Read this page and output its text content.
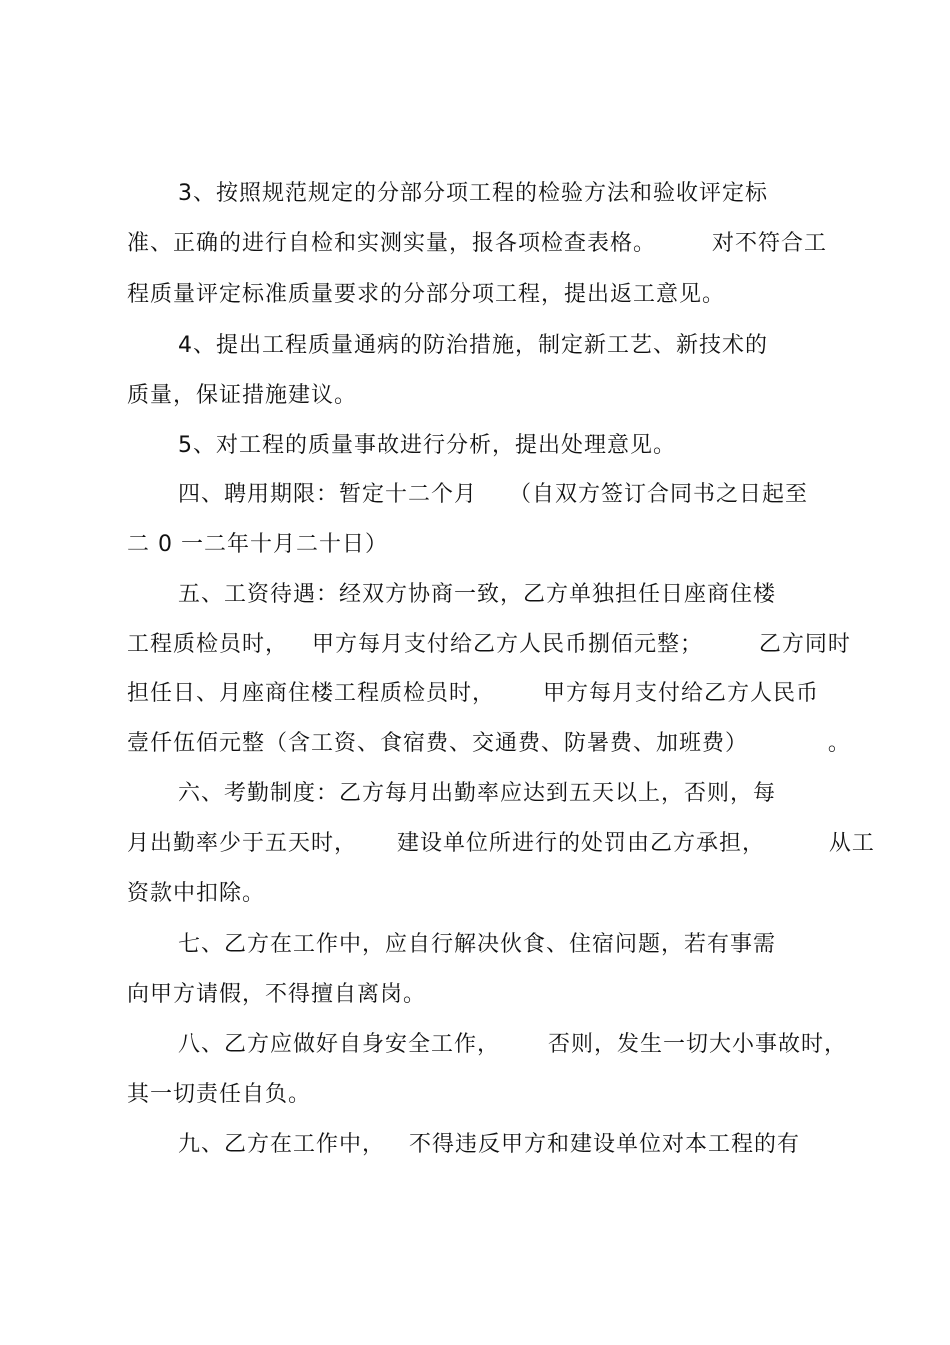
3、按照规范规定的分部分项工程的检验方法和验收评定标
准、正确的进行自检和实测实量，报各项检查表格。       对不符合工
程质量评定标准质量要求的分部分项工程，提出返工意见。
4、提出工程质量通病的防治措施，制定新工艺、新技术的
质量，保证措施建议。
5、对工程的质量事故进行分析，提出处理意见。
四、聘用期限：暂定十二个月    （自双方签订合同书之日起至
二 0 一二年十月二十日）
五、工资待遇：经双方协商一致，乙方单独担任日座商住楼
工程质检员时，   甲方每月支付给乙方人民币捌佰元整；       乙方同时
担任日、月座商住楼工程质检员时，      甲方每月支付给乙方人民币
壹仟伍佰元整（含工资、食宿费、交通费、防暑费、加班费）          。
六、考勤制度：乙方每月出勤率应达到五天以上，否则，每
月出勤率少于五天时，     建设单位所进行的处罚由乙方承担，        从工
资款中扣除。
七、乙方在工作中，应自行解决伙食、住宿问题，若有事需
向甲方请假，不得擅自离岗。
八、乙方应做好自身安全工作，      否则，发生一切大小事故时，
其一切责任自负。
九、乙方在工作中，   不得违反甲方和建设单位对本工程的有
